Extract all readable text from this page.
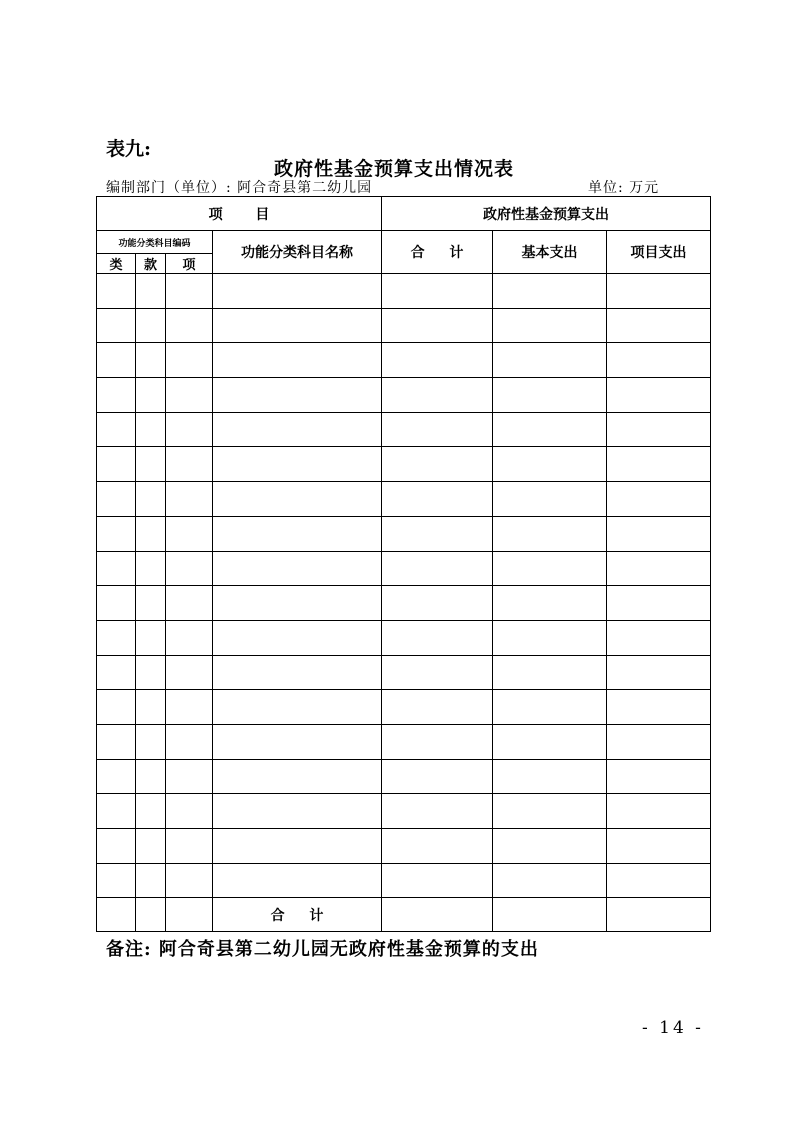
表九:
政府性基金预算支出情况表
编制部门（单位）: 阿合奇县第二幼儿园	单位: 万元
项 目				政府性基金预算支出		
功能分类科目编码			功能分类科目名称	合 计	基本支出	项目支出
类	款	项				

			合 计			
备注: 阿合奇县第二幼儿园无政府性基金预算的支出
- 14 -
